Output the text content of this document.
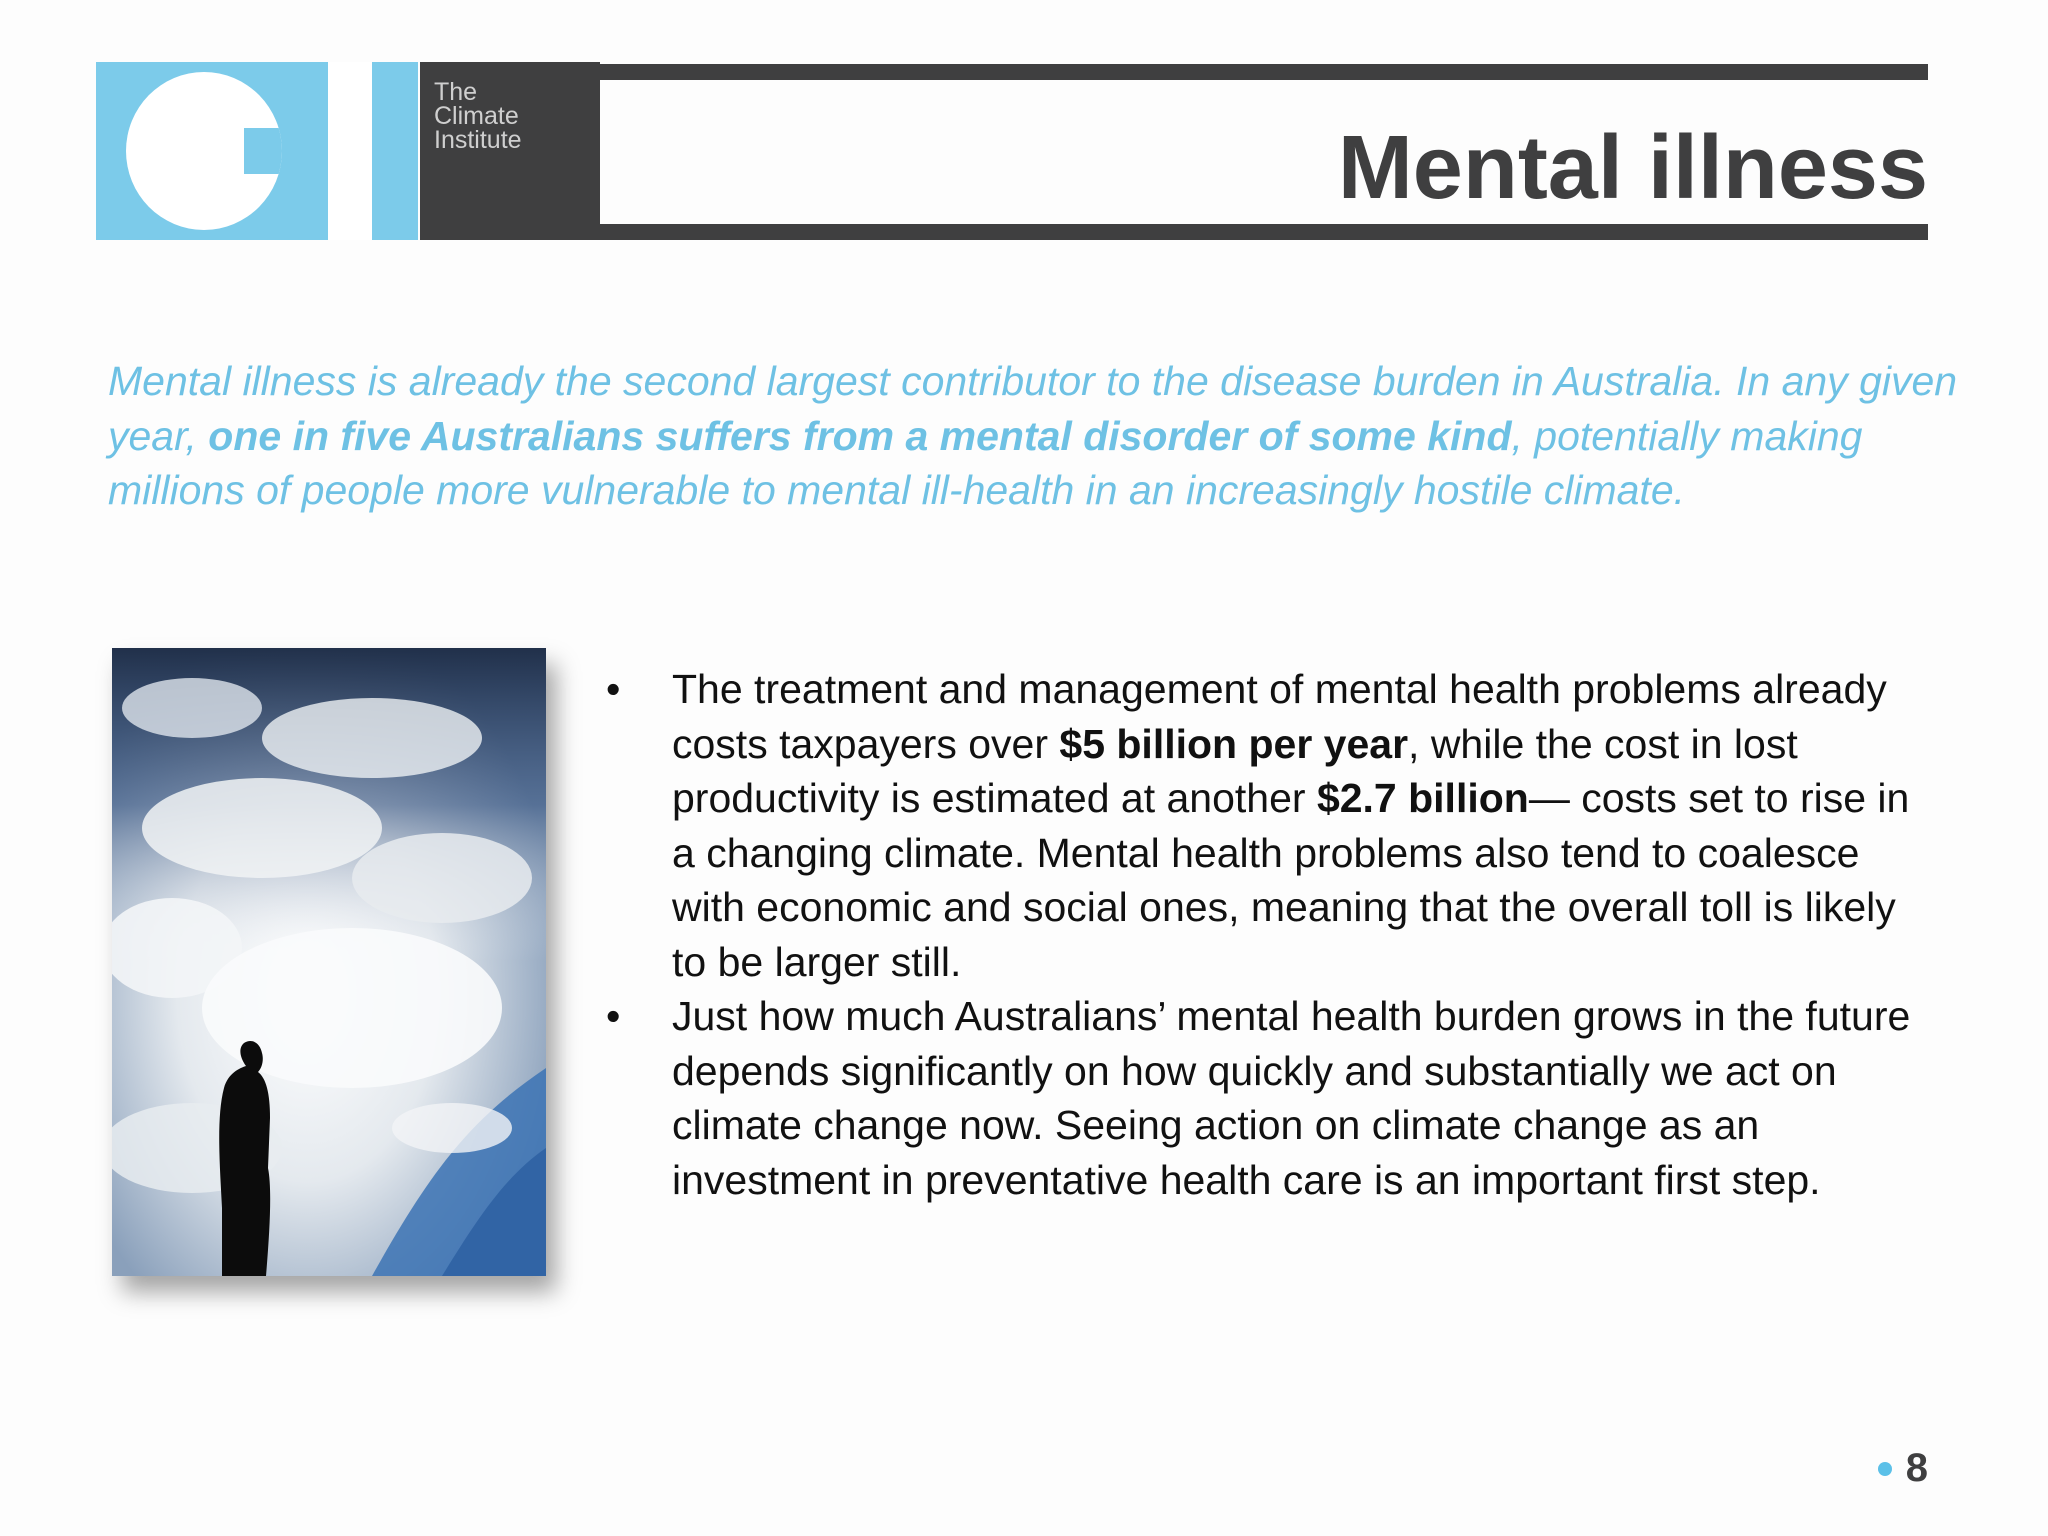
The
Climate
Institute	Mental illness

Mental illness is already the second largest contributor to the disease burden in Australia. In any given year, one in five Australians suffers from a mental disorder of some kind, potentially making millions of people more vulnerable to mental ill-health in an increasingly hostile climate.

• The treatment and management of mental health problems already costs taxpayers over $5 billion per year, while the cost in lost productivity is estimated at another $2.7 billion— costs set to rise in a changing climate. Mental health problems also tend to coalesce with economic and social ones, meaning that the overall toll is likely to be larger still.
• Just how much Australians’ mental health burden grows in the future depends significantly on how quickly and substantially we act on climate change now. Seeing action on climate change as an investment in preventative health care is an important first step.
8
